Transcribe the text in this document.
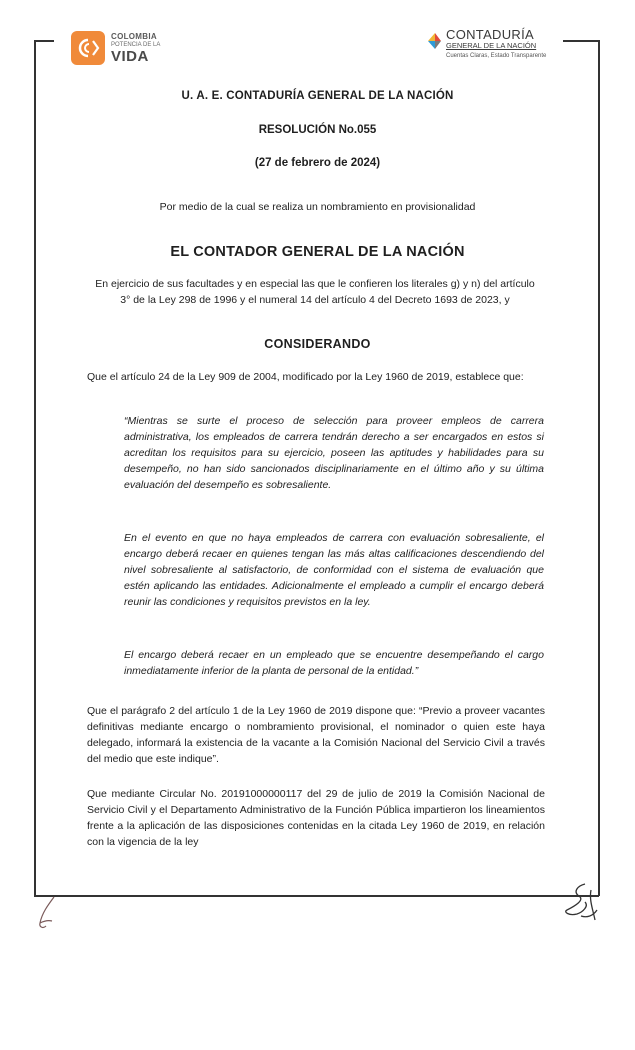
COLOMBIA
POTENCIA DE LA
VIDA
CONTADURÍA
GENERAL DE LA NACIÓN
Cuentas Claras, Estado Transparente
U. A. E. CONTADURÍA GENERAL DE LA NACIÓN
RESOLUCIÓN No.055
(27 de febrero de 2024)
Por medio de la cual se realiza un nombramiento en provisionalidad
EL CONTADOR GENERAL DE LA NACIÓN
En ejercicio de sus facultades y en especial las que le confieren los literales g) y n) del artículo 3° de la Ley 298 de 1996 y el numeral 14 del artículo 4 del Decreto 1693 de 2023, y
CONSIDERANDO
Que el artículo 24 de la Ley 909 de 2004, modificado por la Ley 1960 de 2019, establece que:
“Mientras se surte el proceso de selección para proveer empleos de carrera administrativa, los empleados de carrera tendrán derecho a ser encargados en estos si acreditan los requisitos para su ejercicio, poseen las aptitudes y habilidades para su desempeño, no han sido sancionados disciplinariamente en el último año y su última evaluación del desempeño es sobresaliente.
En el evento en que no haya empleados de carrera con evaluación sobresaliente, el encargo deberá recaer en quienes tengan las más altas calificaciones descendiendo del nivel sobresaliente al satisfactorio, de conformidad con el sistema de evaluación que estén aplicando las entidades. Adicionalmente el empleado a cumplir el encargo deberá reunir las condiciones y requisitos previstos en la ley.
El encargo deberá recaer en un empleado que se encuentre desempeñando el cargo inmediatamente inferior de la planta de personal de la entidad.”
Que el parágrafo 2 del artículo 1 de la Ley 1960 de 2019 dispone que: “Previo a proveer vacantes definitivas mediante encargo o nombramiento provisional, el nominador o quien este haya delegado, informará la existencia de la vacante a la Comisión Nacional del Servicio Civil a través del medio que este indique”.
Que mediante Circular No. 20191000000117 del 29 de julio de 2019 la Comisión Nacional de Servicio Civil y el Departamento Administrativo de la Función Pública impartieron los lineamientos frente a la aplicación de las disposiciones contenidas en la citada Ley 1960 de 2019, en relación con la vigencia de la ley
